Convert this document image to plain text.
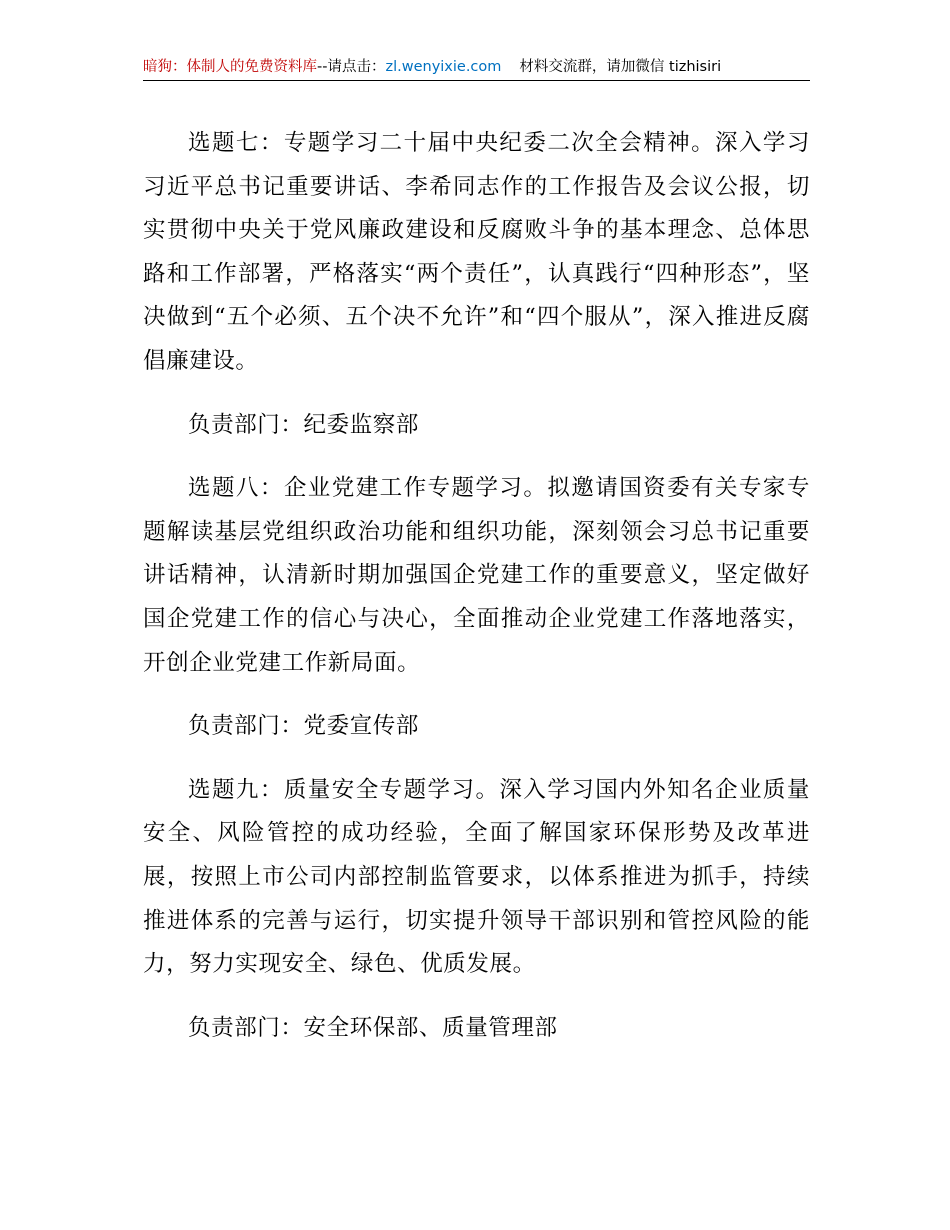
暗狗：体制人的免费资料库--请点击：zl.wenyixie.com 材料交流群，请加微信 tizhisiri

选题七：专题学习二十届中央纪委二次全会精神。深入学习习近平总书记重要讲话、李希同志作的工作报告及会议公报，切实贯彻中央关于党风廉政建设和反腐败斗争的基本理念、总体思路和工作部署，严格落实“两个责任”，认真践行“四种形态”，坚决做到“五个必须、五个决不允许”和“四个服从”，深入推进反腐倡廉建设。

负责部门：纪委监察部

选题八：企业党建工作专题学习。拟邀请国资委有关专家专题解读基层党组织政治功能和组织功能，深刻领会习总书记重要讲话精神，认清新时期加强国企党建工作的重要意义，坚定做好国企党建工作的信心与决心，全面推动企业党建工作落地落实，开创企业党建工作新局面。

负责部门：党委宣传部

选题九：质量安全专题学习。深入学习国内外知名企业质量安全、风险管控的成功经验，全面了解国家环保形势及改革进展，按照上市公司内部控制监管要求，以体系推进为抓手，持续推进体系的完善与运行，切实提升领导干部识别和管控风险的能力，努力实现安全、绿色、优质发展。

负责部门：安全环保部、质量管理部
